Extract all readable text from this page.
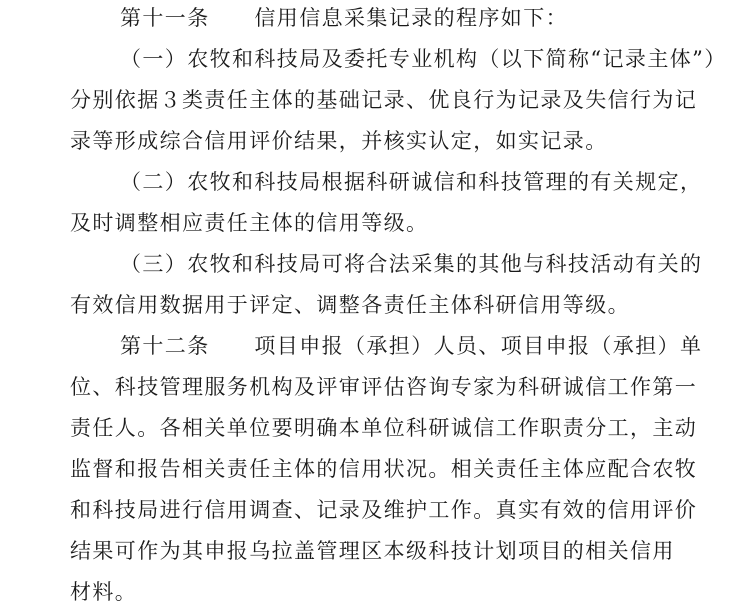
第十一条　　信用信息采集记录的程序如下：
（一）农牧和科技局及委托专业机构（以下简称“记录主体”）
分别依据３类责任主体的基础记录、优良行为记录及失信行为记
录等形成综合信用评价结果，并核实认定，如实记录。
（二）农牧和科技局根据科研诚信和科技管理的有关规定，
及时调整相应责任主体的信用等级。
（三）农牧和科技局可将合法采集的其他与科技活动有关的
有效信用数据用于评定、调整各责任主体科研信用等级。
第十二条　　项目申报（承担）人员、项目申报（承担）单
位、科技管理服务机构及评审评估咨询专家为科研诚信工作第一
责任人。各相关单位要明确本单位科研诚信工作职责分工，主动
监督和报告相关责任主体的信用状况。相关责任主体应配合农牧
和科技局进行信用调查、记录及维护工作。真实有效的信用评价
结果可作为其申报乌拉盖管理区本级科技计划项目的相关信用
材料。
